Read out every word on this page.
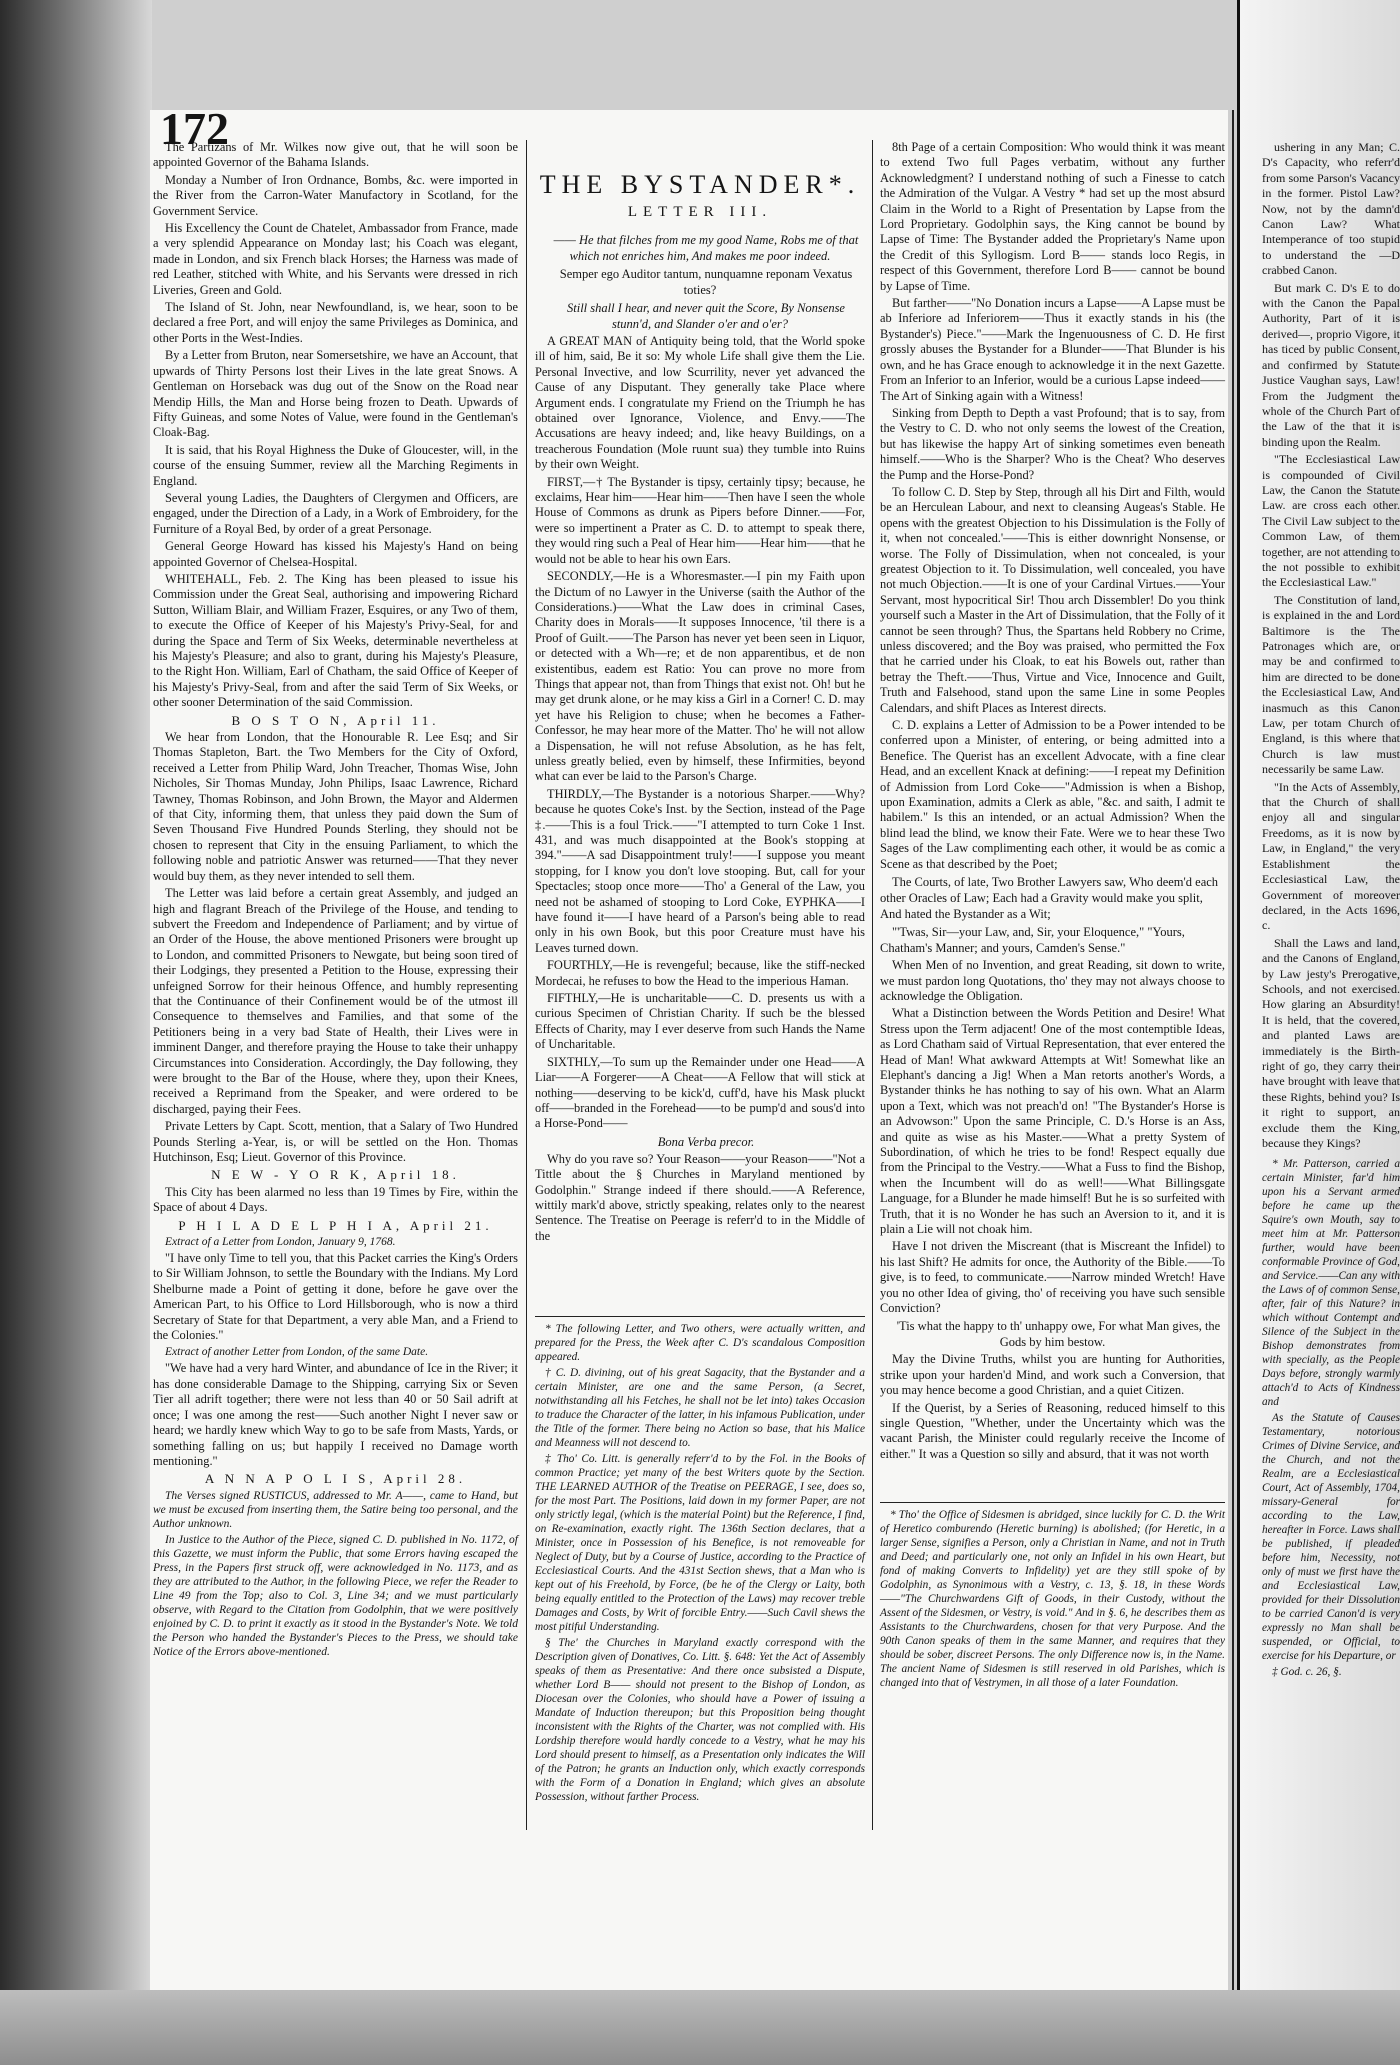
172

The Partizans of Mr. Wilkes now give out, that he will soon be appointed Governor of the Bahama Islands.

Monday a Number of Iron Ordnance, Bombs, &c. were imported in the River from the Carron-Water Manufactory in Scotland, for the Government Service.

His Excellency the Count de Chatelet, Ambassador from France, made a very splendid Appearance on Monday last; his Coach was elegant, made in London, and six French black Horses; the Harness was made of red Leather, stitched with White, and his Servants were dressed in rich Liveries, Green and Gold.

The Island of St. John, near Newfoundland, is, we hear, soon to be declared a free Port, and will enjoy the same Privileges as Dominica, and other Ports in the West-Indies.

By a Letter from Bruton, near Somersetshire, we have an Account, that upwards of Thirty Persons lost their Lives in the late great Snows. A Gentleman on Horseback was dug out of the Snow on the Road near Mendip Hills, the Man and Horse being frozen to Death. Upwards of Fifty Guineas, and some Notes of Value, were found in the Gentleman's Cloak-Bag.

It is said, that his Royal Highness the Duke of Gloucester, will, in the course of the ensuing Summer, review all the Marching Regiments in England.

Several young Ladies, the Daughters of Clergymen and Officers, are engaged, under the Direction of a Lady, in a Work of Embroidery, for the Furniture of a Royal Bed, by order of a great Personage.

General George Howard has kissed his Majesty's Hand on being appointed Governor of Chelsea-Hospital.

WHITEHALL, Feb. 2. The King has been pleased to issue his Commission under the Great Seal, authorising and impowering Richard Sutton, William Blair, and William Frazer, Esquires, or any Two of them, to execute the Office of Keeper of his Majesty's Privy-Seal, for and during the Space and Term of Six Weeks, determinable nevertheless at his Majesty's Pleasure; and also to grant, during his Majesty's Pleasure, to the Right Hon. William, Earl of Chatham, the said Office of Keeper of his Majesty's Privy-Seal, from and after the said Term of Six Weeks, or other sooner Determination of the said Commission.

B O S T O N, April 11.

We hear from London, that the Honourable R. Lee Esq; and Sir Thomas Stapleton, Bart. the Two Members for the City of Oxford, received a Letter from Philip Ward, John Treacher, Thomas Wise, John Nicholes, Sir Thomas Munday, John Philips, Isaac Lawrence, Richard Tawney, Thomas Robinson, and John Brown, the Mayor and Aldermen of that City, informing them, that unless they paid down the Sum of Seven Thousand Five Hundred Pounds Sterling, they should not be chosen to represent that City in the ensuing Parliament, to which the following noble and patriotic Answer was returned——That they never would buy them, as they never intended to sell them.

The Letter was laid before a certain great Assembly, and judged an high and flagrant Breach of the Privilege of the House, and tending to subvert the Freedom and Independence of Parliament; and by virtue of an Order of the House, the above mentioned Prisoners were brought up to London, and committed Prisoners to Newgate, but being soon tired of their Lodgings, they presented a Petition to the House, expressing their unfeigned Sorrow for their heinous Offence, and humbly representing that the Continuance of their Confinement would be of the utmost ill Consequence to themselves and Families, and that some of the Petitioners being in a very bad State of Health, their Lives were in imminent Danger, and therefore praying the House to take their unhappy Circumstances into Consideration. Accordingly, the Day following, they were brought to the Bar of the House, where they, upon their Knees, received a Reprimand from the Speaker, and were ordered to be discharged, paying their Fees.

Private Letters by Capt. Scott, mention, that a Salary of Two Hundred Pounds Sterling a-Year, is, or will be settled on the Hon. Thomas Hutchinson, Esq; Lieut. Governor of this Province.

N E W - Y O R K, April 18.

This City has been alarmed no less than 19 Times by Fire, within the Space of about 4 Days.

P H I L A D E L P H I A, April 21.

Extract of a Letter from London, January 9, 1768.

"I have only Time to tell you, that this Packet carries the King's Orders to Sir William Johnson, to settle the Boundary with the Indians. My Lord Shelburne made a Point of getting it done, before he gave over the American Part, to his Office to Lord Hillsborough, who is now a third Secretary of State for that Department, a very able Man, and a Friend to the Colonies."

Extract of another Letter from London, of the same Date.

"We have had a very hard Winter, and abundance of Ice in the River; it has done considerable Damage to the Shipping, carrying Six or Seven Tier all adrift together; there were not less than 40 or 50 Sail adrift at once; I was one among the rest——Such another Night I never saw or heard; we hardly knew which Way to go to be safe from Masts, Yards, or something falling on us; but happily I received no Damage worth mentioning."

A N N A P O L I S, April 28.

The Verses signed RUSTICUS, addressed to Mr. A——, came to Hand, but we must be excused from inserting them, the Satire being too personal, and the Author unknown.

In Justice to the Author of the Piece, signed C. D. published in No. 1172, of this Gazette, we must inform the Public, that some Errors having escaped the Press, in the Papers first struck off, were acknowledged in No. 1173, and as they are attributed to the Author, in the following Piece, we refer the Reader to Line 49 from the Top; also to Col. 3, Line 34; and we must particularly observe, with Regard to the Citation from Godolphin, that we were positively enjoined by C. D. to print it exactly as it stood in the Bystander's Note. We told the Person who handed the Bystander's Pieces to the Press, we should take Notice of the Errors above-mentioned.

THE BYSTANDER*.
LETTER III.

—— He that filches from me my good Name, Robs me of that which not enriches him, And makes me poor indeed.

Semper ego Auditor tantum, nunquamne reponam Vexatus toties?

Still shall I hear, and never quit the Score, By Nonsense stunn'd, and Slander o'er and o'er?

A GREAT MAN of Antiquity being told, that the World spoke ill of him, said, Be it so: My whole Life shall give them the Lie. Personal Invective, and low Scurrility, never yet advanced the Cause of any Disputant. They generally take Place where Argument ends. I congratulate my Friend on the Triumph he has obtained over Ignorance, Violence, and Envy.——The Accusations are heavy indeed; and, like heavy Buildings, on a treacherous Foundation (Mole ruunt sua) they tumble into Ruins by their own Weight.

FIRST,—† The Bystander is tipsy, certainly tipsy; because, he exclaims, Hear him——Hear him——Then have I seen the whole House of Commons as drunk as Pipers before Dinner.——For, were so impertinent a Prater as C. D. to attempt to speak there, they would ring such a Peal of Hear him——Hear him——that he would not be able to hear his own Ears.

SECONDLY,—He is a Whoresmaster.—I pin my Faith upon the Dictum of no Lawyer in the Universe (saith the Author of the Considerations.)——What the Law does in criminal Cases, Charity does in Morals——It supposes Innocence, 'til there is a Proof of Guilt.——The Parson has never yet been seen in Liquor, or detected with a Wh—re; et de non apparentibus, et de non existentibus, eadem est Ratio: You can prove no more from Things that appear not, than from Things that exist not. Oh! but he may get drunk alone, or he may kiss a Girl in a Corner! C. D. may yet have his Religion to chuse; when he becomes a Father-Confessor, he may hear more of the Matter. Tho' he will not allow a Dispensation, he will not refuse Absolution, as he has felt, unless greatly belied, even by himself, these Infirmities, beyond what can ever be laid to the Parson's Charge.

THIRDLY,—The Bystander is a notorious Sharper.——Why? because he quotes Coke's Inst. by the Section, instead of the Page ‡.——This is a foul Trick.——"I attempted to turn Coke 1 Inst. 431, and was much disappointed at the Book's stopping at 394."——A sad Disappointment truly!——I suppose you meant stopping, for I know you don't love stooping. But, call for your Spectacles; stoop once more——Tho' a General of the Law, you need not be ashamed of stooping to Lord Coke, ΕΥΡΗΚΑ——I have found it——I have heard of a Parson's being able to read only in his own Book, but this poor Creature must have his Leaves turned down.

FOURTHLY,—He is revengeful; because, like the stiff-necked Mordecai, he refuses to bow the Head to the imperious Haman.

FIFTHLY,—He is uncharitable——C. D. presents us with a curious Specimen of Christian Charity. If such be the blessed Effects of Charity, may I ever deserve from such Hands the Name of Uncharitable.

SIXTHLY,—To sum up the Remainder under one Head——A Liar——A Forgerer——A Cheat——A Fellow that will stick at nothing——deserving to be kick'd, cuff'd, have his Mask pluckt off——branded in the Forehead——to be pump'd and sous'd into a Horse-Pond——

Bona Verba precor.

Why do you rave so? Your Reason——your Reason——"Not a Tittle about the § Churches in Maryland mentioned by Godolphin." Strange indeed if there should.——A Reference, wittily mark'd above, strictly speaking, relates only to the nearest Sentence. The Treatise on Peerage is referr'd to in the Middle of the

* The following Letter, and Two others, were actually written, and prepared for the Press, the Week after C. D's scandalous Composition appeared.

† C. D. divining, out of his great Sagacity, that the Bystander and a certain Minister, are one and the same Person, (a Secret, notwithstanding all his Fetches, he shall not be let into) takes Occasion to traduce the Character of the latter, in his infamous Publication, under the Title of the former. There being no Action so base, that his Malice and Meanness will not descend to.

‡ Tho' Co. Litt. is generally referr'd to by the Fol. in the Books of common Practice; yet many of the best Writers quote by the Section. THE LEARNED AUTHOR of the Treatise on PEERAGE, I see, does so, for the most Part. The Positions, laid down in my former Paper, are not only strictly legal, (which is the material Point) but the Reference, I find, on Re-examination, exactly right. The 136th Section declares, that a Minister, once in Possession of his Benefice, is not removeable for Neglect of Duty, but by a Course of Justice, according to the Practice of Ecclesiastical Courts. And the 431st Section shews, that a Man who is kept out of his Freehold, by Force, (be he of the Clergy or Laity, both being equally entitled to the Protection of the Laws) may recover treble Damages and Costs, by Writ of forcible Entry.——Such Cavil shews the most pitiful Understanding.

§ The' the Churches in Maryland exactly correspond with the Description given of Donatives, Co. Litt. §. 648: Yet the Act of Assembly speaks of them as Presentative: And there once subsisted a Dispute, whether Lord B—— should not present to the Bishop of London, as Diocesan over the Colonies, who should have a Power of issuing a Mandate of Induction thereupon; but this Proposition being thought inconsistent with the Rights of the Charter, was not complied with. His Lordship therefore would hardly concede to a Vestry, what he may his Lord should present to himself, as a Presentation only indicates the Will of the Patron; he grants an Induction only, which exactly corresponds with the Form of a Donation in England; which gives an absolute Possession, without farther Process.

8th Page of a certain Composition: Who would think it was meant to extend Two full Pages verbatim, without any further Acknowledgment? I understand nothing of such a Finesse to catch the Admiration of the Vulgar. A Vestry * had set up the most absurd Claim in the World to a Right of Presentation by Lapse from the Lord Proprietary. Godolphin says, the King cannot be bound by Lapse of Time: The Bystander added the Proprietary's Name upon the Credit of this Syllogism. Lord B—— stands loco Regis, in respect of this Government, therefore Lord B—— cannot be bound by Lapse of Time.

But farther——"No Donation incurs a Lapse——A Lapse must be ab Inferiore ad Inferiorem——Thus it exactly stands in his (the Bystander's) Piece."——Mark the Ingenuousness of C. D. He first grossly abuses the Bystander for a Blunder——That Blunder is his own, and he has Grace enough to acknowledge it in the next Gazette. From an Inferior to an Inferior, would be a curious Lapse indeed——The Art of Sinking again with a Witness!

Sinking from Depth to Depth a vast Profound; that is to say, from the Vestry to C. D. who not only seems the lowest of the Creation, but has likewise the happy Art of sinking sometimes even beneath himself.——Who is the Sharper? Who is the Cheat? Who deserves the Pump and the Horse-Pond?

To follow C. D. Step by Step, through all his Dirt and Filth, would be an Herculean Labour, and next to cleansing Augeas's Stable. He opens with the greatest Objection to his Dissimulation is the Folly of it, when not concealed.'——This is either downright Nonsense, or worse. The Folly of Dissimulation, when not concealed, is your greatest Objection to it. To Dissimulation, well concealed, you have not much Objection.——It is one of your Cardinal Virtues.——Your Servant, most hypocritical Sir! Thou arch Dissembler! Do you think yourself such a Master in the Art of Dissimulation, that the Folly of it cannot be seen through? Thus, the Spartans held Robbery no Crime, unless discovered; and the Boy was praised, who permitted the Fox that he carried under his Cloak, to eat his Bowels out, rather than betray the Theft.——Thus, Virtue and Vice, Innocence and Guilt, Truth and Falsehood, stand upon the same Line in some Peoples Calendars, and shift Places as Interest directs.

C. D. explains a Letter of Admission to be a Power intended to be conferred upon a Minister, of entering, or being admitted into a Benefice. The Querist has an excellent Advocate, with a fine clear Head, and an excellent Knack at defining:——I repeat my Definition of Admission from Lord Coke——"Admission is when a Bishop, upon Examination, admits a Clerk as able, "&c. and saith, I admit te habilem." Is this an intended, or an actual Admission? When the blind lead the blind, we know their Fate. Were we to hear these Two Sages of the Law complimenting each other, it would be as comic a Scene as that described by the Poet;

The Courts, of late, Two Brother Lawyers saw, Who deem'd each other Oracles of Law; Each had a Gravity would make you split, And hated the Bystander as a Wit;

"'Twas, Sir—your Law, and, Sir, your Eloquence," "Yours, Chatham's Manner; and yours, Camden's Sense."

When Men of no Invention, and great Reading, sit down to write, we must pardon long Quotations, tho' they may not always choose to acknowledge the Obligation.

What a Distinction between the Words Petition and Desire! What Stress upon the Term adjacent! One of the most contemptible Ideas, as Lord Chatham said of Virtual Representation, that ever entered the Head of Man! What awkward Attempts at Wit! Somewhat like an Elephant's dancing a Jig! When a Man retorts another's Words, a Bystander thinks he has nothing to say of his own. What an Alarm upon a Text, which was not preach'd on! "The Bystander's Horse is an Advowson:" Upon the same Principle, C. D.'s Horse is an Ass, and quite as wise as his Master.——What a pretty System of Subordination, of which he tries to be fond! Respect equally due from the Principal to the Vestry.——What a Fuss to find the Bishop, when the Incumbent will do as well!——What Billingsgate Language, for a Blunder he made himself! But he is so surfeited with Truth, that it is no Wonder he has such an Aversion to it, and it is plain a Lie will not choak him.

Have I not driven the Miscreant (that is Miscreant the Infidel) to his last Shift? He admits for once, the Authority of the Bible.——To give, is to feed, to communicate.——Narrow minded Wretch! Have you no other Idea of giving, tho' of receiving you have such sensible Conviction?

'Tis what the happy to th' unhappy owe, For what Man gives, the Gods by him bestow.

May the Divine Truths, whilst you are hunting for Authorities, strike upon your harden'd Mind, and work such a Conversion, that you may hence become a good Christian, and a quiet Citizen.

If the Querist, by a Series of Reasoning, reduced himself to this single Question, "Whether, under the Uncertainty which was the vacant Parish, the Minister could regularly receive the Income of either." It was a Question so silly and absurd, that it was not worth

* Tho' the Office of Sidesmen is abridged, since luckily for C. D. the Writ of Heretico comburendo (Heretic burning) is abolished; (for Heretic, in a larger Sense, signifies a Person, only a Christian in Name, and not in Truth and Deed; and particularly one, not only an Infidel in his own Heart, but fond of making Converts to Infidelity) yet are they still spoke of by Godolphin, as Synonimous with a Vestry, c. 13, §. 18, in these Words——"The Churchwardens Gift of Goods, in their Custody, without the Assent of the Sidesmen, or Vestry, is void." And in §. 6, he describes them as Assistants to the Churchwardens, chosen for that very Purpose. And the 90th Canon speaks of them in the same Manner, and requires that they should be sober, discreet Persons. The only Difference now is, in the Name. The ancient Name of Sidesmen is still reserved in old Parishes, which is changed into that of Vestrymen, in all those of a later Foundation.

ushering in any Man; C. D's Capacity, who referr'd from some Parson's Vacancy in the former. Pistol Law? Now, not by the damn'd Canon Law? What Intemperance of too stupid to understand the —D crabbed Canon.

But mark C. D's E to do with the Canon the Papal Authority, Part of it is derived—, proprio Vigore, it has ticed by public Consent, and confirmed by Statute Justice Vaughan says, Law! From the Judgment the whole of the Church Part of the Law of the that it is binding upon the Realm.

"The Ecclesiastical Law is compounded of Civil Law, the Canon the Statute Law. are cross each other. The Civil Law subject to the Common Law, of them together, are not attending to the not possible to exhibit the Ecclesiastical Law."

The Constitution of land, is explained in the and Lord Baltimore is the The Patronages which are, or may be and confirmed to him are directed to be done the Ecclesiastical Law, And inasmuch as this Canon Law, per totam Church of England, is this where that Church is law must necessarily be same Law.

"In the Acts of Assembly, that the Church of shall enjoy all and singular Freedoms, as it is now by Law, in England," the very Establishment the Ecclesiastical Law, the Government of moreover declared, in the Acts 1696, c.

Shall the Laws and land, and the Canons of England, by Law jesty's Prerogative, Schools, and not exercised. How glaring an Absurdity! It is held, that the covered, and planted Laws are immediately is the Birth-right of go, they carry their have brought with leave that these Rights, behind you? Is it right to support, an exclude them the King, because they Kings?

* Mr. Patterson, carried a certain Minister, far'd him upon his a Servant armed before he came up the Squire's own Mouth, say to meet him at Mr. Patterson further, would have been conformable Province of God, and Service.——Can any with the Laws of of common Sense, after, fair of this Nature? in which without Contempt and Silence of the Subject in the Bishop demonstrates from with specially, as the People Days before, strongly warmly attach'd to Acts of Kindness and

As the Statute of Causes Testamentary, notorious Crimes of Divine Service, and the Church, and not the Realm, are a Ecclesiastical Court, Act of Assembly, 1704, missary-General for according to the Law, hereafter in Force. Laws shall be published, if pleaded before him, Necessity, not only of must we first have the and Ecclesiastical Law, provided for their Dissolution to be carried Canon'd is very expressly no Man shall be suspended, or Official, to exercise for his Departure, or

‡ God. c. 26, §.
